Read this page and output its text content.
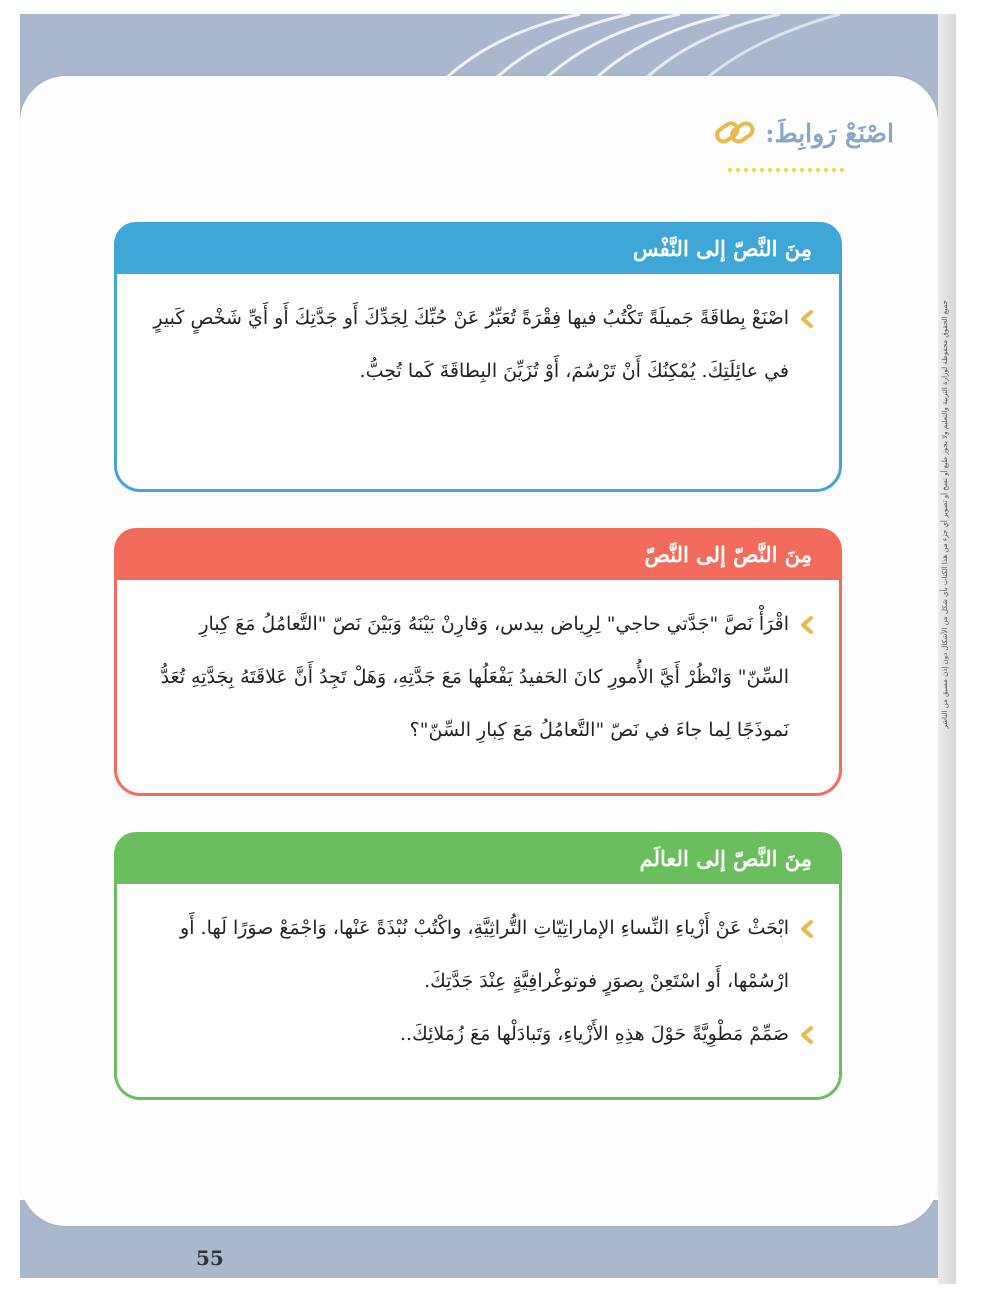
جميع الحقوق محفوظة لوزارة التربية والتعليم ولا يجوز طبع أو نسخ أو تصوير أي جزء من هذا الكتاب بأي شكل من الأشكال دون إذن مسبق من الناشر
اصْنَعْ رَوابِطَ:
مِنَ النَّصّ إلى النَّفْس
اصْنَعْ بِطاقَةً جَميلَةً تَكْتُبُ فيها فِقْرَةً تُعَبِّرُ عَنْ حُبِّكَ لِجَدِّكَ أَو جَدَّتِكَ أَو أَيِّ شَخْصٍ كَبيرٍ في عائِلَتِكَ. يُمْكِنُكَ أَنْ تَرْسُمَ، أَوْ تُزَيِّنَ البِطاقَةَ كَما تُحِبُّ.
مِنَ النَّصّ إلى النَّصّ
اقْرَأْ نَصَّ "جَدَّتي حاجي" لِرِياض بيدس، وَقارِنْ بَيْنَهُ وَبَيْنَ نَصّ "التَّعامُلُ مَعَ كِبارِ السِّنّ" وَانْظُرْ أَيَّ الأُمورِ كانَ الحَفيدُ يَفْعَلُها مَعَ جَدَّتِهِ، وَهَلْ تَجِدُ أَنَّ عَلاقَتَهُ بِجَدَّتِهِ تُعَدُّ نَموذَجًا لِما جاءَ في نَصّ "التَّعامُلُ مَعَ كِبارِ السِّنّ"؟
مِنَ النَّصّ إلى العالَم
ابْحَثْ عَنْ أَزْياءِ النِّساءِ الإماراتِيّاتِ التُّراثِيَّةِ، واكْتُبْ نُبْذَةً عَنْها، وَاجْمَعْ صوَرًا لَها. أَو ارْسُمْها، أَو اسْتَعِنْ بِصوَرٍ فوتوغْرافِيَّةٍ عِنْدَ جَدَّتِكَ.
صَمِّمْ مَطْوِيَّةً حَوْلَ هذِهِ الأَزْياءِ، وَتَبادَلْها مَعَ زُمَلائِكَ..
55
